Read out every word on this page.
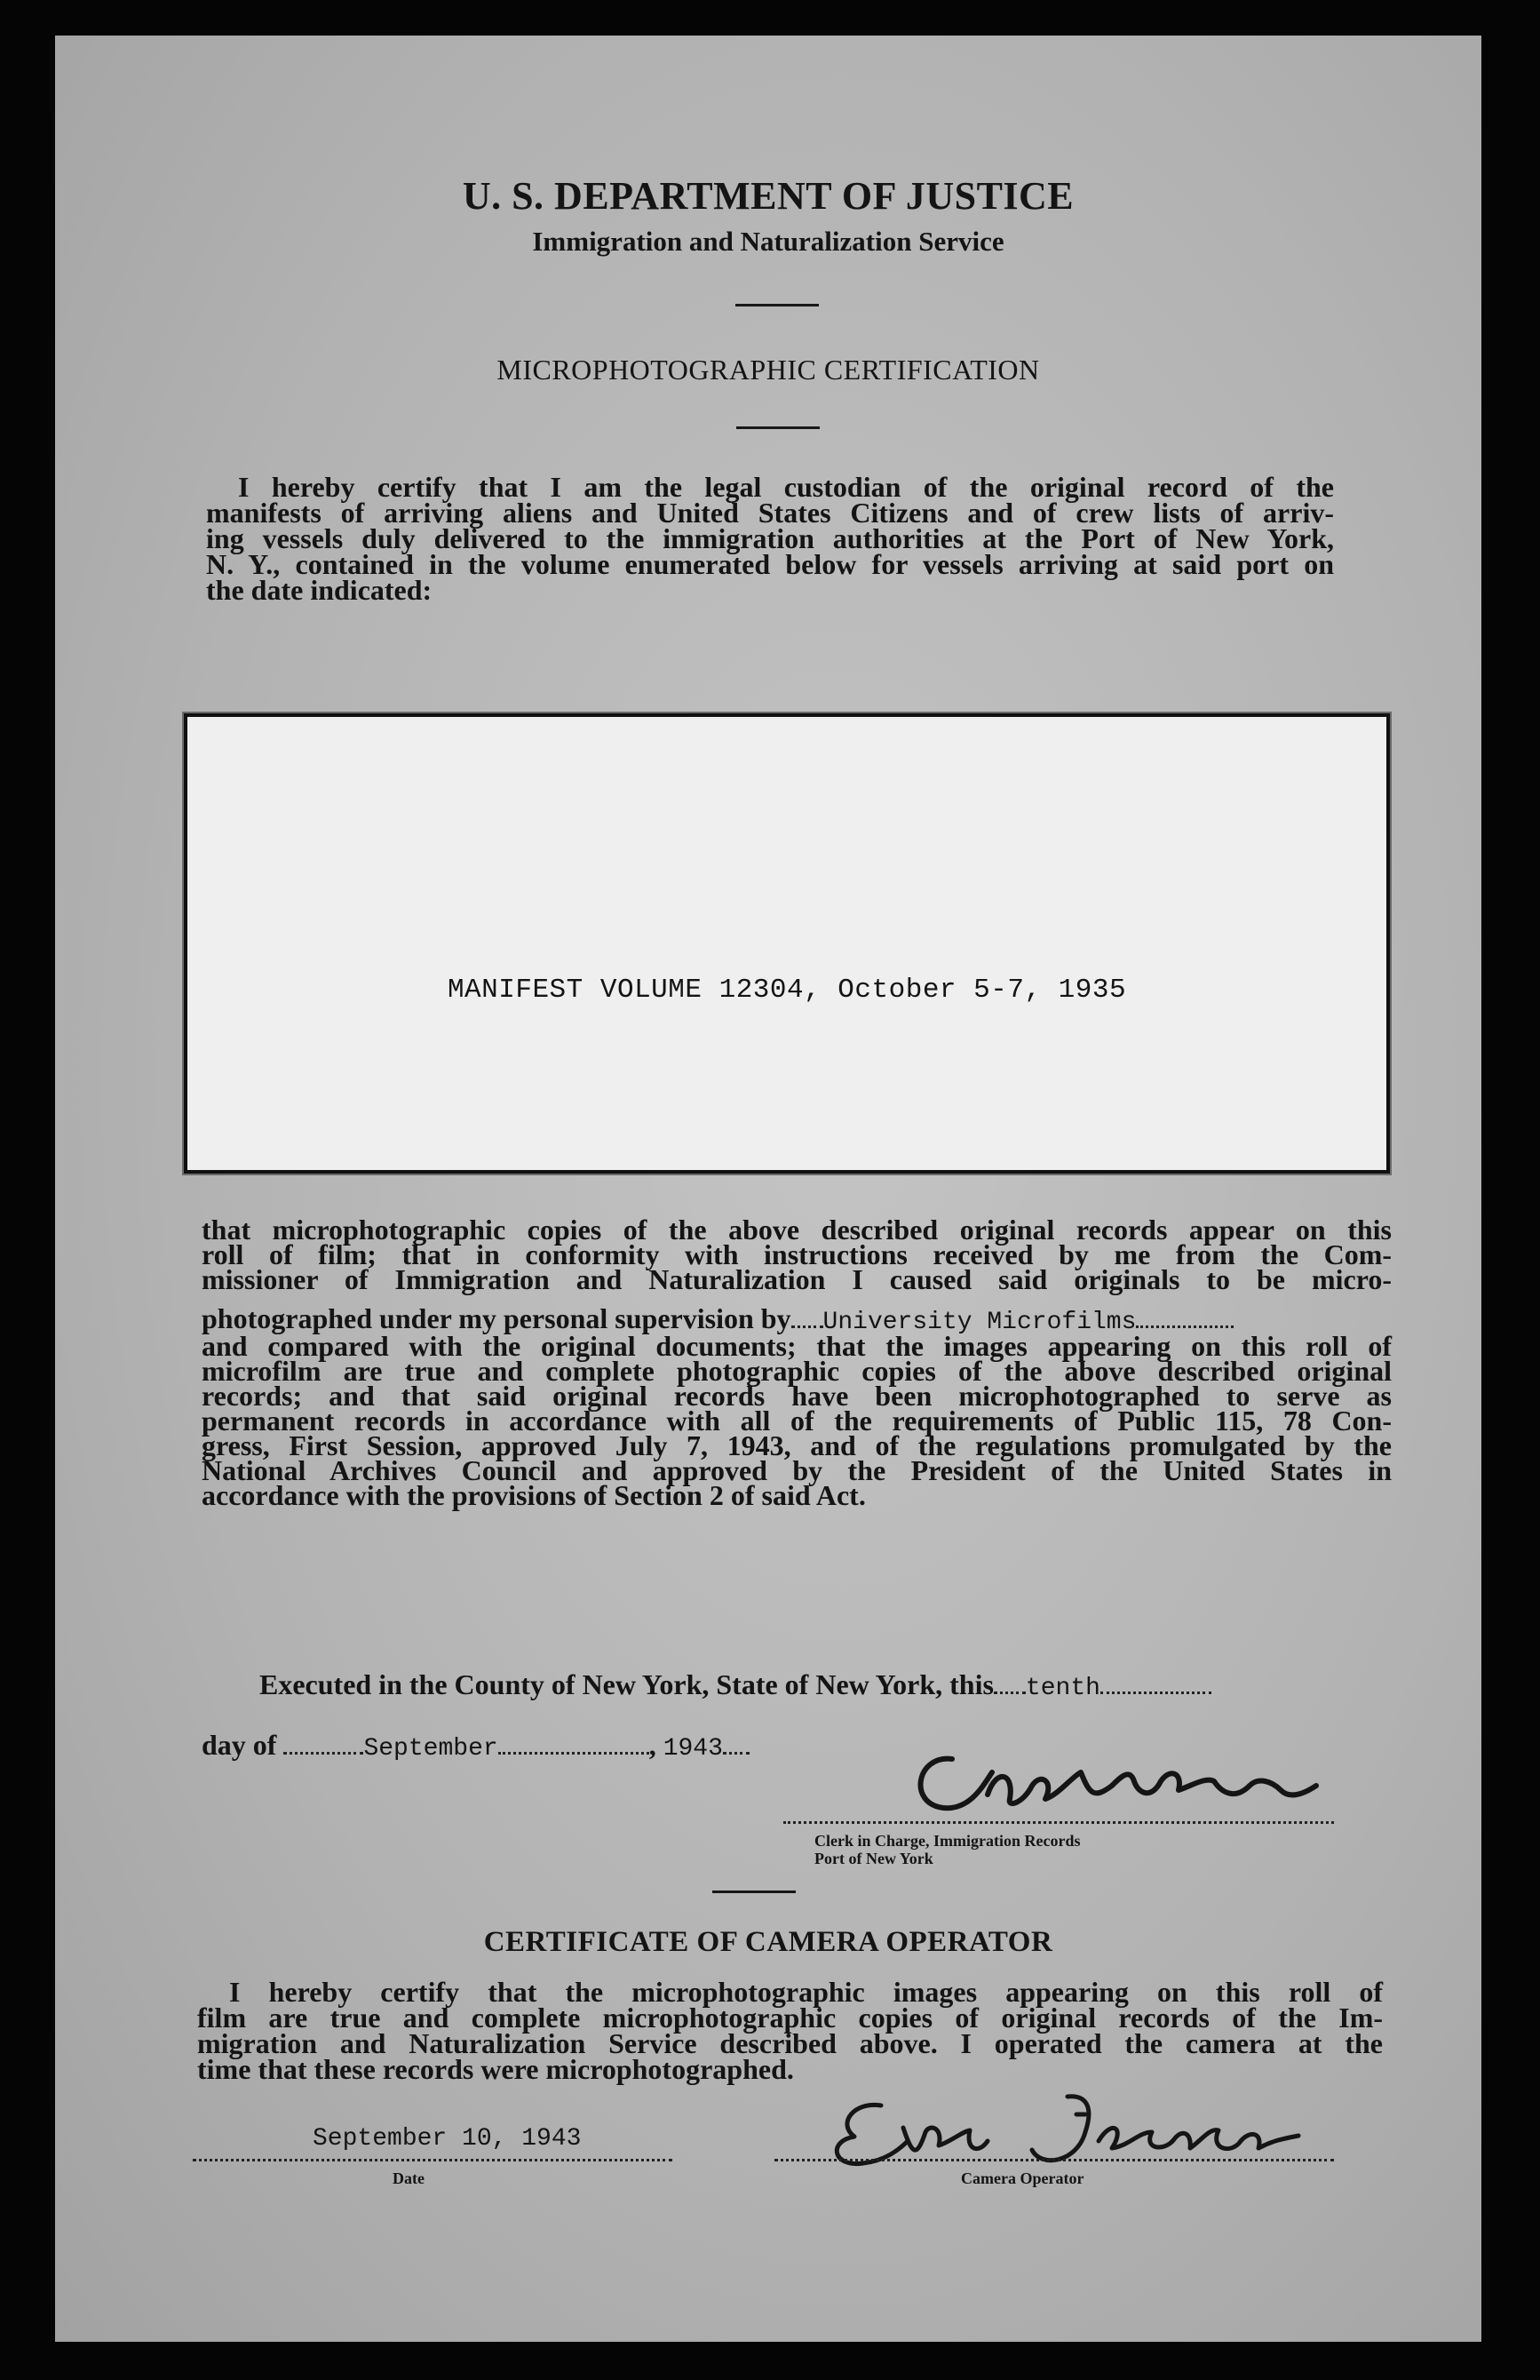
U. S. DEPARTMENT OF JUSTICE
Immigration and Naturalization Service
MICROPHOTOGRAPHIC CERTIFICATION
I hereby certify that I am the legal custodian of the original record of the
manifests of arriving aliens and United States Citizens and of crew lists of arriv-
ing vessels duly delivered to the immigration authorities at the Port of New York,
N. Y., contained in the volume enumerated below for vessels arriving at said port on
the date indicated:
MANIFEST VOLUME 12304, October 5-7, 1935
that microphotographic copies of the above described original records appear on this
roll of film; that in conformity with instructions received by me from the Com-
missioner of Immigration and Naturalization I caused said originals to be micro-
photographed under my personal supervision by University Microfilms
and compared with the original documents; that the images appearing on this roll of
microfilm are true and complete photographic copies of the above described original
records; and that said original records have been microphotographed to serve as
permanent records in accordance with all of the requirements of Public 115, 78 Con-
gress, First Session, approved July 7, 1943, and of the regulations promulgated by the
National Archives Council and approved by the President of the United States in
accordance with the provisions of Section 2 of said Act.
Executed in the County of New York, State of New York, this tenth
day of	September	, 1943
Clerk in Charge, Immigration Records
Port of New York
CERTIFICATE OF CAMERA OPERATOR
I hereby certify that the microphotographic images appearing on this roll of
film are true and complete microphotographic copies of original records of the Im-
migration and Naturalization Service described above. I operated the camera at the
time that these records were microphotographed.
September 10, 1943
Date	Camera Operator
